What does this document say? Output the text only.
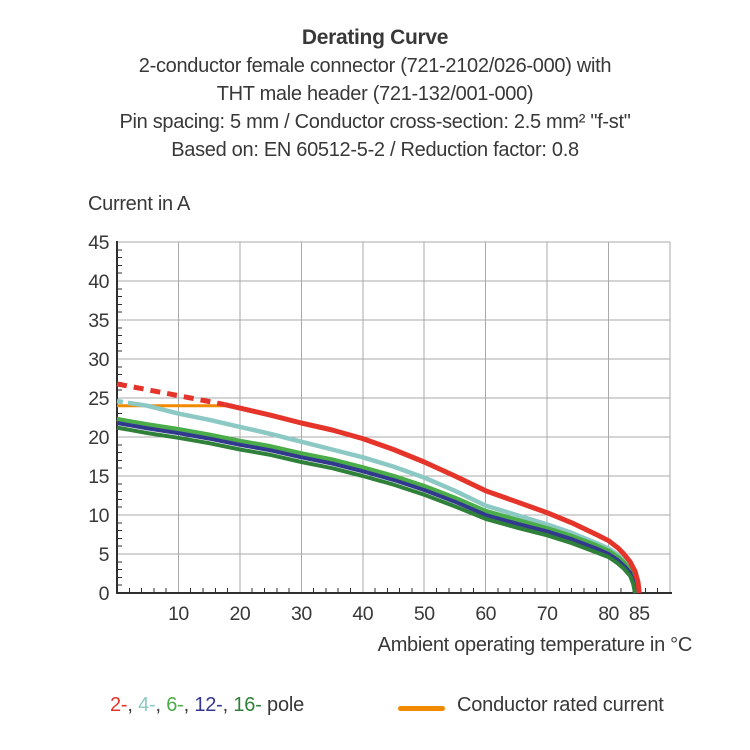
Derating Curve
2-conductor female connector (721-2102/026-000) with
THT male header (721-132/001-000)
Pin spacing: 5 mm / Conductor cross-section: 2.5 mm² "f-st"
Based on: EN 60512-5-2 / Reduction factor: 0.8
Current in A
10 20 30 40 50 60 70 80 85
0
5
10
15
20
25
30
35
40
45
Ambient operating temperature in °C
2-, 4-, 6-, 12-, 16- pole	Conductor rated current
